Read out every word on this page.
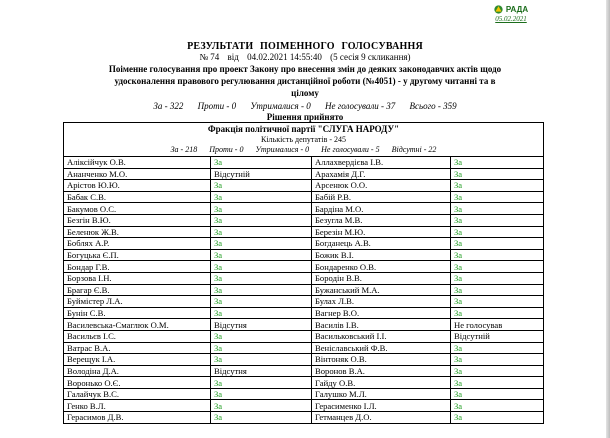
РАДА
05.02.2021
РЕЗУЛЬТАТИ ПОІМЕННОГО ГОЛОСУВАННЯ
№ 74 від 04.02.2021 14:55:40 (5 сесія 9 скликання)
Поіменне голосування про проект Закону про внесення змін до деяких законодавчих актів щодо
удосконалення правового регулювання дистанційної роботи (№4051) - у другому читанні та в
цілому
За - 322 Проти - 0 Утрималися - 0 Не голосували - 37 Всього - 359
Рішення прийнято
Фракція політичної партії "СЛУГА НАРОДУ"
Кількість депутатів - 245
За - 218 Проти - 0 Утрималися - 0 Не голосували - 5 Відсутні - 22			

Аліксійчук О.В.	За	Аллахвердієва І.В.	За
Ананченко М.О.	Відсутній	Арахамія Д.Г.	За
Арістов Ю.Ю.	За	Арсенюк О.О.	За
Бабак С.В.	За	Бабій Р.В.	За
Бакумов О.С.	За	Бардіна М.О.	За
Безгін В.Ю.	За	Безугла М.В.	За
Беленюк Ж.В.	За	Березін М.Ю.	За
Боблях А.Р.	За	Богданець А.В.	За
Богуцька Є.П.	За	Божик В.І.	За
Бондар Г.В.	За	Бондаренко О.В.	За
Борзова І.Н.	За	Бородін В.В.	За
Брагар Є.В.	За	Бужанський М.А.	За
Буймістер Л.А.	За	Булах Л.В.	За
Бунін С.В.	За	Вагнер В.О.	За
Василевська-Смаглюк О.М.	Відсутня	Василів І.В.	Не голосував
Васильєв І.С.	За	Васильковський І.І.	Відсутній
Ватрас В.А.	За	Веніславський Ф.В.	За
Верещук І.А.	За	Вінтоняк О.В.	За
Володіна Д.А.	Відсутня	Воронов В.А.	За
Воронько О.Є.	За	Гайду О.В.	За
Галайчук В.С.	За	Галушко М.Л.	За
Генко В.Л.	За	Герасименко І.Л.	За
Герасимов Д.В.	За	Гетманцев Д.О.	За
